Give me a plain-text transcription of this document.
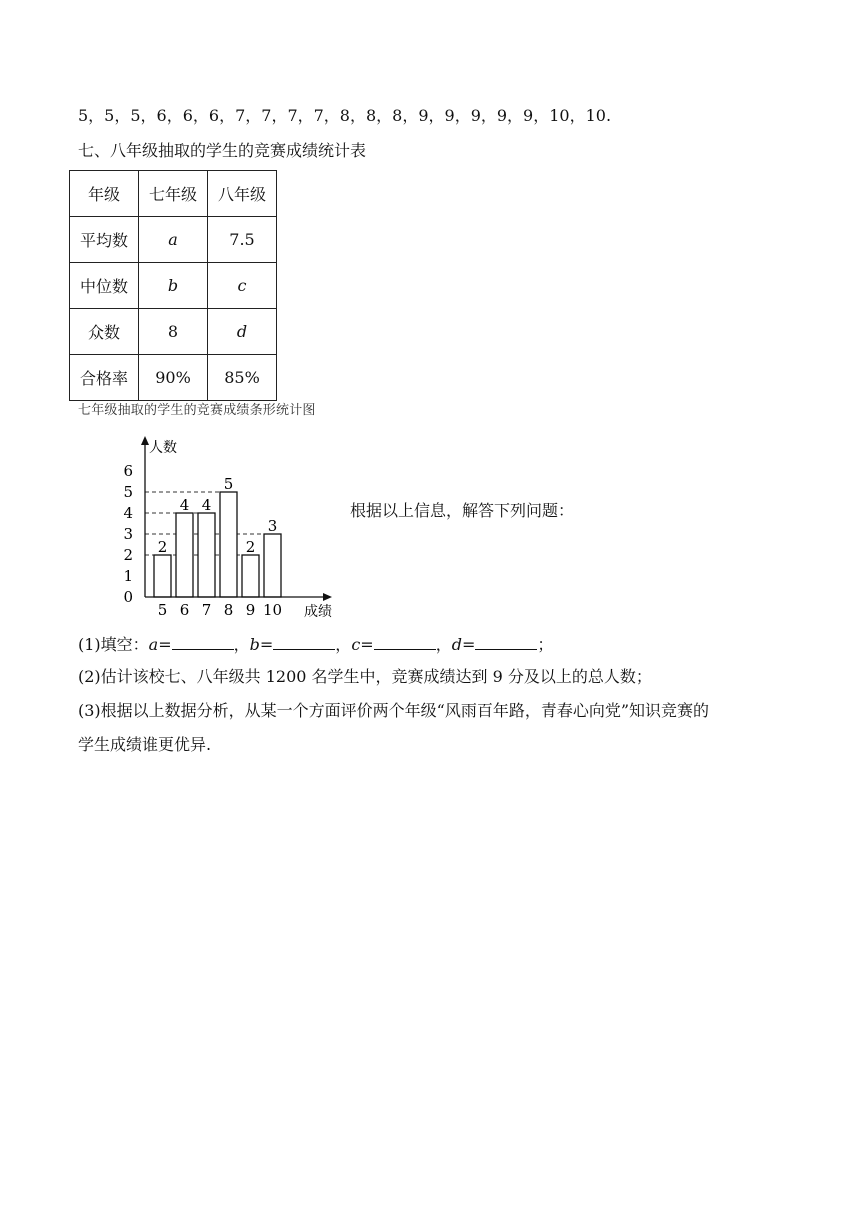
5，5，5，6，6，6，7，7，7，7，8，8，8，9，9，9，9，9，10，10.
七、八年级抽取的学生的竞赛成绩统计表
年级	七年级	八年级
平均数	a	7.5
中位数	b	c
众数	8	d
合格率	90%	85%
七年级抽取的学生的竞赛成绩条形统计图
0
1
2
3
4
5
6
5
2
6
4
7
4
8
5
9
2
10
3
人数
成绩
根据以上信息，解答下列问题：
(1)填空：a=	，b=	，c=	，d=	；
(2)估计该校七、八年级共 1200 名学生中，竞赛成绩达到 9 分及以上的总人数；
(3)根据以上数据分析，从某一个方面评价两个年级“风雨百年路，青春心向党”知识竞赛的
学生成绩谁更优异.
